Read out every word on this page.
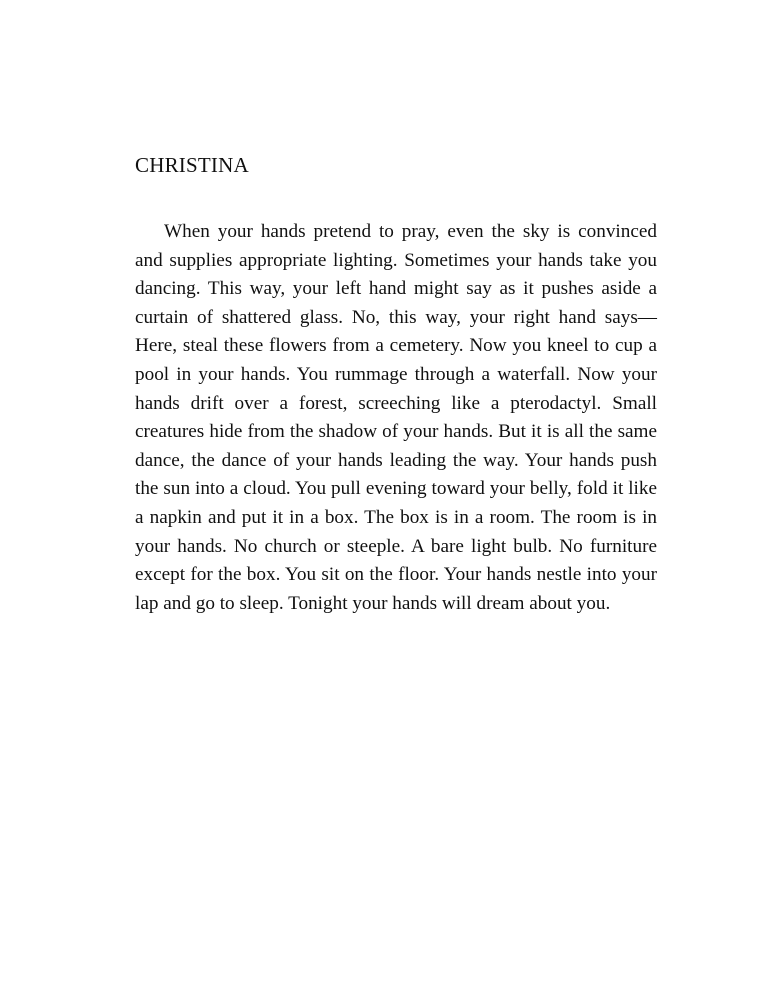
CHRISTINA

When your hands pretend to pray, even the sky is convinced and supplies appropriate lighting. Sometimes your hands take you dancing. This way, your left hand might say as it pushes aside a curtain of shattered glass. No, this way, your right hand says—Here, steal these flowers from a cemetery. Now you kneel to cup a pool in your hands. You rummage through a waterfall. Now your hands drift over a forest, screeching like a pterodactyl. Small creatures hide from the shadow of your hands. But it is all the same dance, the dance of your hands leading the way. Your hands push the sun into a cloud. You pull evening toward your belly, fold it like a napkin and put it in a box. The box is in a room. The room is in your hands. No church or steeple. A bare light bulb. No furniture except for the box. You sit on the floor. Your hands nestle into your lap and go to sleep. Tonight your hands will dream about you.
